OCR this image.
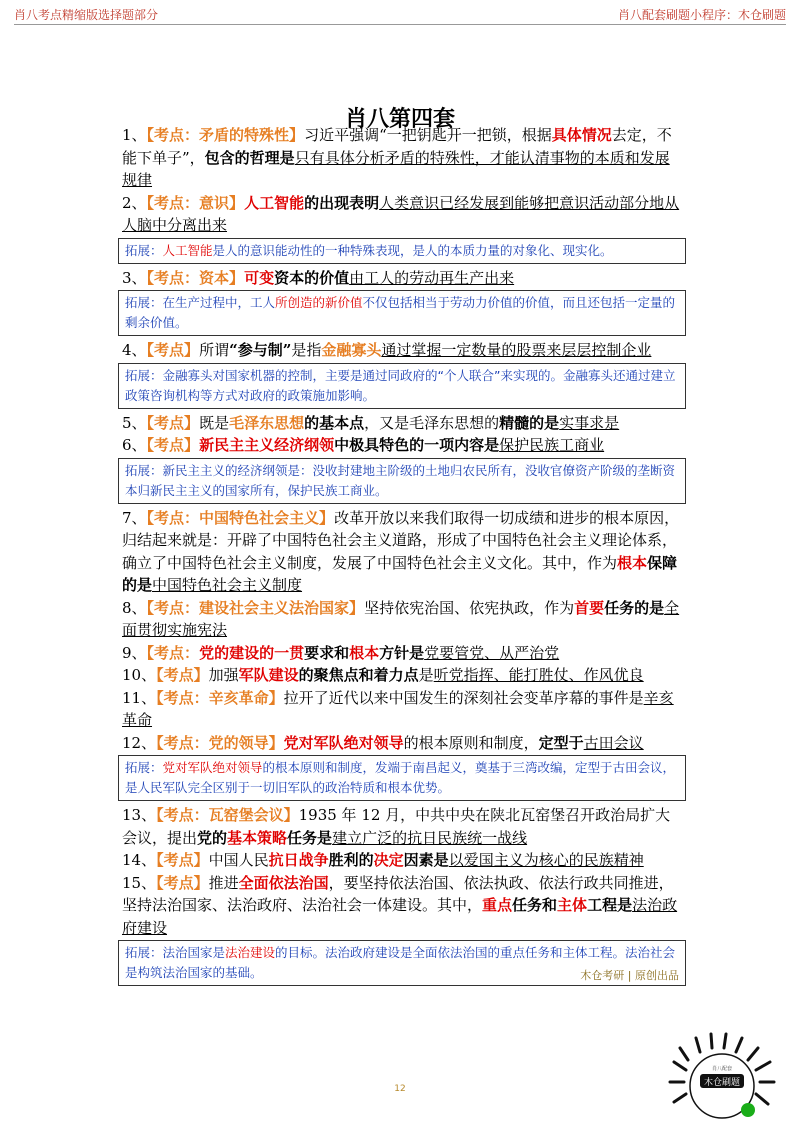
肖八考点精缩版选择题部分	肖八配套刷题小程序：木仓刷题
肖八第四套

1、【考点：矛盾的特殊性】习近平强调“一把钥匙开一把锁，根据具体情况去定，不能下单子”，包含的哲理是只有具体分析矛盾的特殊性，才能认清事物的本质和发展规律

2、【考点：意识】人工智能的出现表明人类意识已经发展到能够把意识活动部分地从人脑中分离出来

拓展：人工智能是人的意识能动性的一种特殊表现，是人的本质力量的对象化、现实化。

3、【考点：资本】可变资本的价值由工人的劳动再生产出来

拓展：在生产过程中，工人所创造的新价值不仅包括相当于劳动力价值的价值，而且还包括一定量的剩余价值。

4、【考点】所谓“参与制”是指金融寡头通过掌握一定数量的股票来层层控制企业

拓展：金融寡头对国家机器的控制，主要是通过同政府的“个人联合”来实现的。金融寡头还通过建立政策咨询机构等方式对政府的政策施加影响。

5、【考点】既是毛泽东思想的基本点，又是毛泽东思想的精髓的是实事求是

6、【考点】新民主主义经济纲领中极具特色的一项内容是保护民族工商业

拓展：新民主主义的经济纲领是：没收封建地主阶级的土地归农民所有，没收官僚资产阶级的垄断资本归新民主主义的国家所有，保护民族工商业。

7、【考点：中国特色社会主义】改革开放以来我们取得一切成绩和进步的根本原因，归结起来就是：开辟了中国特色社会主义道路，形成了中国特色社会主义理论体系，确立了中国特色社会主义制度，发展了中国特色社会主义文化。其中，作为根本保障的是中国特色社会主义制度

8、【考点：建设社会主义法治国家】坚持依宪治国、依宪执政，作为首要任务的是全面贯彻实施宪法

9、【考点：党的建设的一贯要求和根本方针是党要管党、从严治党

10、【考点】加强军队建设的聚焦点和着力点是听党指挥、能打胜仗、作风优良

11、【考点：辛亥革命】拉开了近代以来中国发生的深刻社会变革序幕的事件是辛亥革命

12、【考点：党的领导】党对军队绝对领导的根本原则和制度，定型于古田会议

拓展：党对军队绝对领导的根本原则和制度，发端于南昌起义，奠基于三湾改编，定型于古田会议，是人民军队完全区别于一切旧军队的政治特质和根本优势。

13、【考点：瓦窑堡会议】1935 年 12 月，中共中央在陕北瓦窑堡召开政治局扩大会议，提出党的基本策略任务是建立广泛的抗日民族统一战线

14、【考点】中国人民抗日战争胜利的决定因素是以爱国主义为核心的民族精神

15、【考点】推进全面依法治国，要坚持依法治国、依法执政、依法行政共同推进，坚持法治国家、法治政府、法治社会一体建设。其中，重点任务和主体工程是法治政府建设

拓展：法治国家是法治建设的目标。法治政府建设是全面依法治国的重点任务和主体工程。法治社会是构筑法治国家的基础。	木仓考研 | 原创出品
12
木仓刷题
肖八配套
